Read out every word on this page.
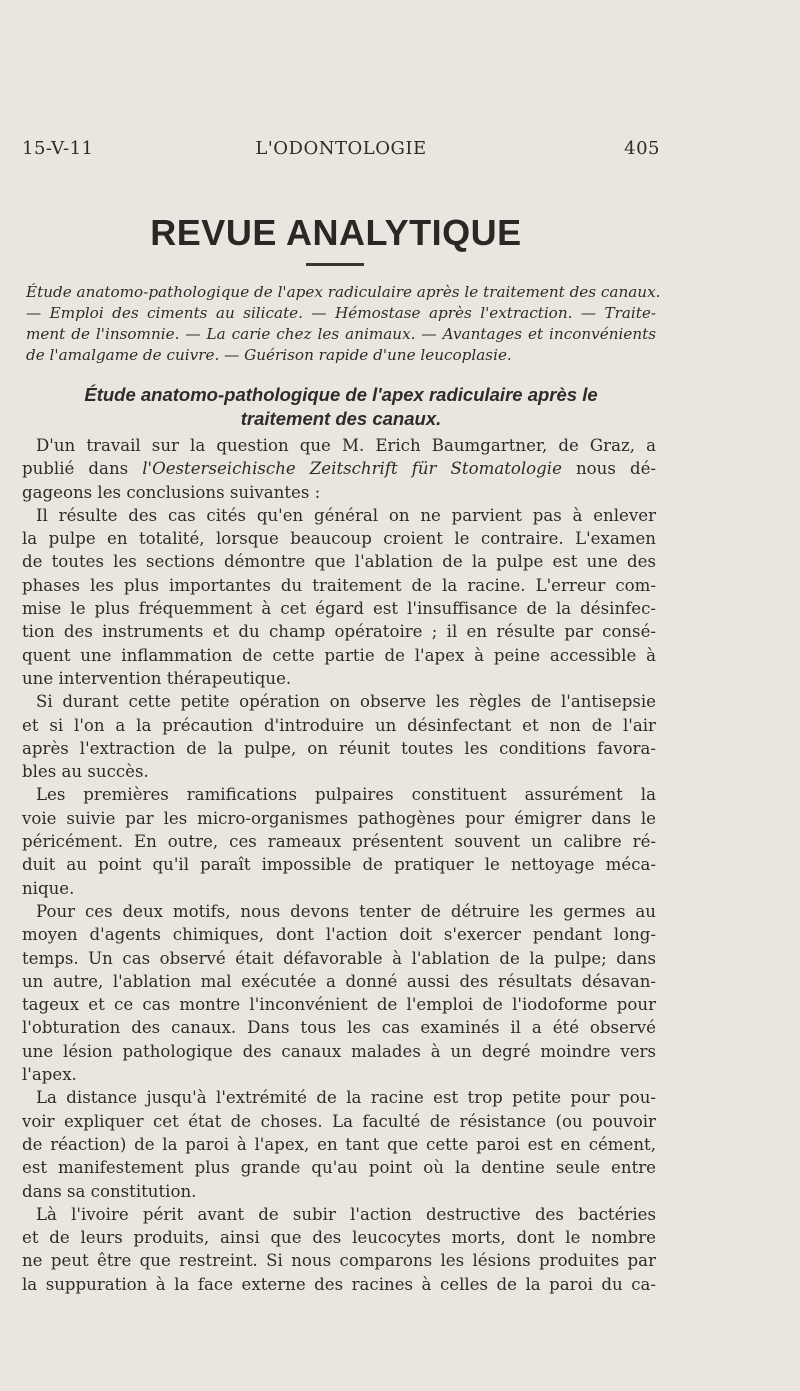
15-V-11	L'ODONTOLOGIE	405
REVUE ANALYTIQUE
Étude anatomo-pathologique de l'apex radiculaire après le traitement des canaux.
— Emploi des ciments au silicate. — Hémostase après l'extraction. — Traite-
ment de l'insomnie. — La carie chez les animaux. — Avantages et inconvénients
de l'amalgame de cuivre. — Guérison rapide d'une leucoplasie.
Étude anatomo-pathologique de l'apex radiculaire après le
traitement des canaux.
D'un travail sur la question que M. Erich Baumgartner, de Graz, a
publié dans l'Oesterseichische Zeitschrift für Stomatologie nous dé-
gageons les conclusions suivantes :
Il résulte des cas cités qu'en général on ne parvient pas à enlever
la pulpe en totalité, lorsque beaucoup croient le contraire. L'examen
de toutes les sections démontre que l'ablation de la pulpe est une des
phases les plus importantes du traitement de la racine. L'erreur com-
mise le plus fréquemment à cet égard est l'insuffisance de la désinfec-
tion des instruments et du champ opératoire ; il en résulte par consé-
quent une inflammation de cette partie de l'apex à peine accessible à
une intervention thérapeutique.
Si durant cette petite opération on observe les règles de l'antisepsie
et si l'on a la précaution d'introduire un désinfectant et non de l'air
après l'extraction de la pulpe, on réunit toutes les conditions favora-
bles au succès.
Les premières ramifications pulpaires constituent assurément la
voie suivie par les micro-organismes pathogènes pour émigrer dans le
péricément. En outre, ces rameaux présentent souvent un calibre ré-
duit au point qu'il paraît impossible de pratiquer le nettoyage méca-
nique.
Pour ces deux motifs, nous devons tenter de détruire les germes au
moyen d'agents chimiques, dont l'action doit s'exercer pendant long-
temps. Un cas observé était défavorable à l'ablation de la pulpe; dans
un autre, l'ablation mal exécutée a donné aussi des résultats désavan-
tageux et ce cas montre l'inconvénient de l'emploi de l'iodoforme pour
l'obturation des canaux. Dans tous les cas examinés il a été observé
une lésion pathologique des canaux malades à un degré moindre vers
l'apex.
La distance jusqu'à l'extrémité de la racine est trop petite pour pou-
voir expliquer cet état de choses. La faculté de résistance (ou pouvoir
de réaction) de la paroi à l'apex, en tant que cette paroi est en cément,
est manifestement plus grande qu'au point où la dentine seule entre
dans sa constitution.
Là l'ivoire périt avant de subir l'action destructive des bactéries
et de leurs produits, ainsi que des leucocytes morts, dont le nombre
ne peut être que restreint. Si nous comparons les lésions produites par
la suppuration à la face externe des racines à celles de la paroi du ca-
